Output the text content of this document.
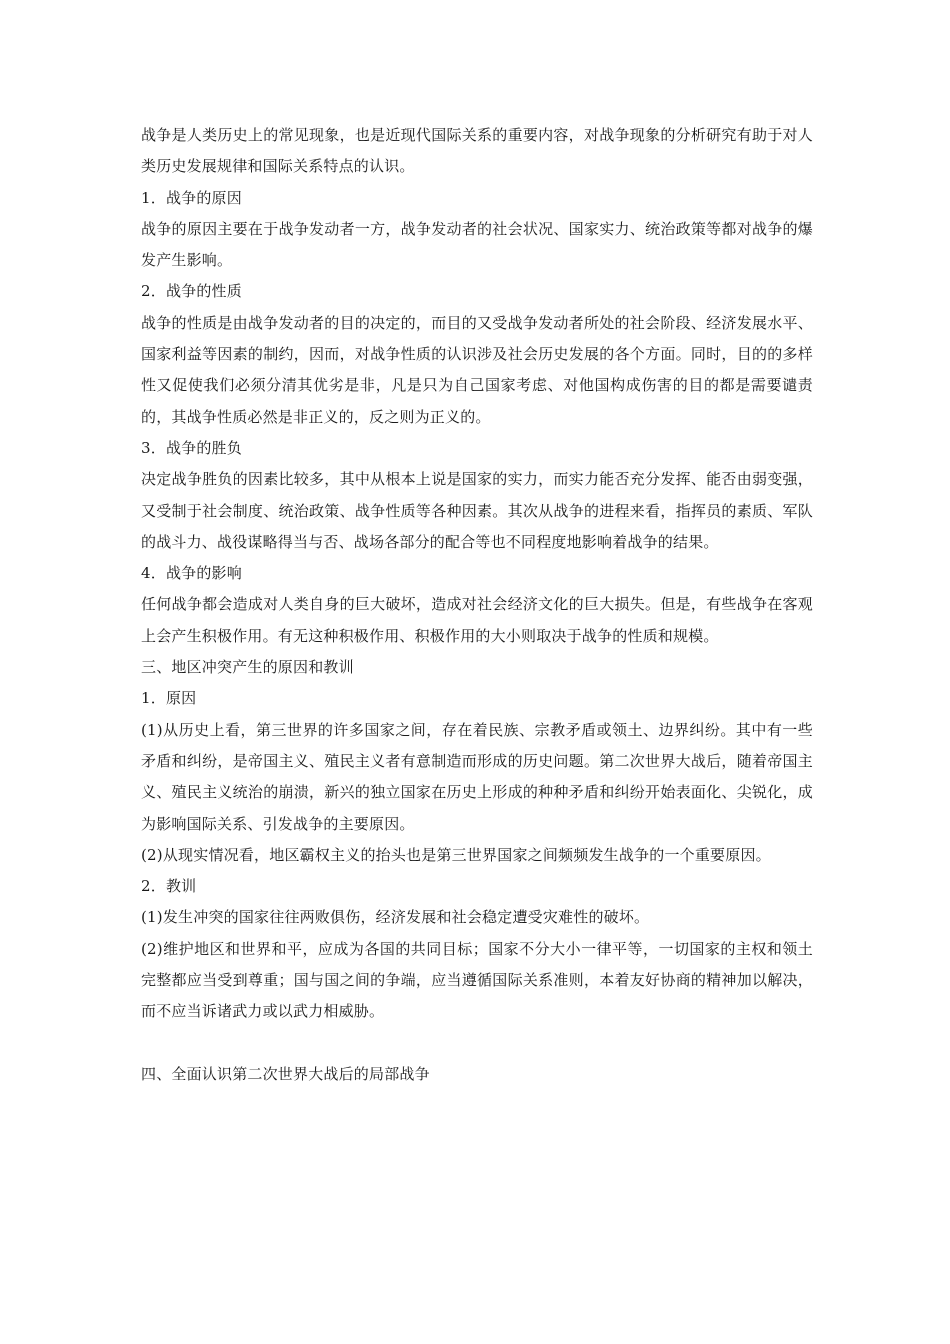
战争是人类历史上的常见现象，也是近现代国际关系的重要内容，对战争现象的分析研究有助于对人类历史发展规律和国际关系特点的认识。

1．战争的原因

战争的原因主要在于战争发动者一方，战争发动者的社会状况、国家实力、统治政策等都对战争的爆发产生影响。

2．战争的性质

战争的性质是由战争发动者的目的决定的，而目的又受战争发动者所处的社会阶段、经济发展水平、国家利益等因素的制约，因而，对战争性质的认识涉及社会历史发展的各个方面。同时，目的的多样性又促使我们必须分清其优劣是非，凡是只为自己国家考虑、对他国构成伤害的目的都是需要谴责的，其战争性质必然是非正义的，反之则为正义的。

3．战争的胜负

决定战争胜负的因素比较多，其中从根本上说是国家的实力，而实力能否充分发挥、能否由弱变强，又受制于社会制度、统治政策、战争性质等各种因素。其次从战争的进程来看，指挥员的素质、军队的战斗力、战役谋略得当与否、战场各部分的配合等也不同程度地影响着战争的结果。

4．战争的影响

任何战争都会造成对人类自身的巨大破坏，造成对社会经济文化的巨大损失。但是，有些战争在客观上会产生积极作用。有无这种积极作用、积极作用的大小则取决于战争的性质和规模。

三、地区冲突产生的原因和教训

1．原因

(1)从历史上看，第三世界的许多国家之间，存在着民族、宗教矛盾或领土、边界纠纷。其中有一些矛盾和纠纷，是帝国主义、殖民主义者有意制造而形成的历史问题。第二次世界大战后，随着帝国主义、殖民主义统治的崩溃，新兴的独立国家在历史上形成的种种矛盾和纠纷开始表面化、尖锐化，成为影响国际关系、引发战争的主要原因。

(2)从现实情况看，地区霸权主义的抬头也是第三世界国家之间频频发生战争的一个重要原因。

2．教训

(1)发生冲突的国家往往两败俱伤，经济发展和社会稳定遭受灾难性的破坏。

(2)维护地区和世界和平，应成为各国的共同目标；国家不分大小一律平等，一切国家的主权和领土完整都应当受到尊重；国与国之间的争端，应当遵循国际关系准则，本着友好协商的精神加以解决，而不应当诉诸武力或以武力相威胁。

四、全面认识第二次世界大战后的局部战争
